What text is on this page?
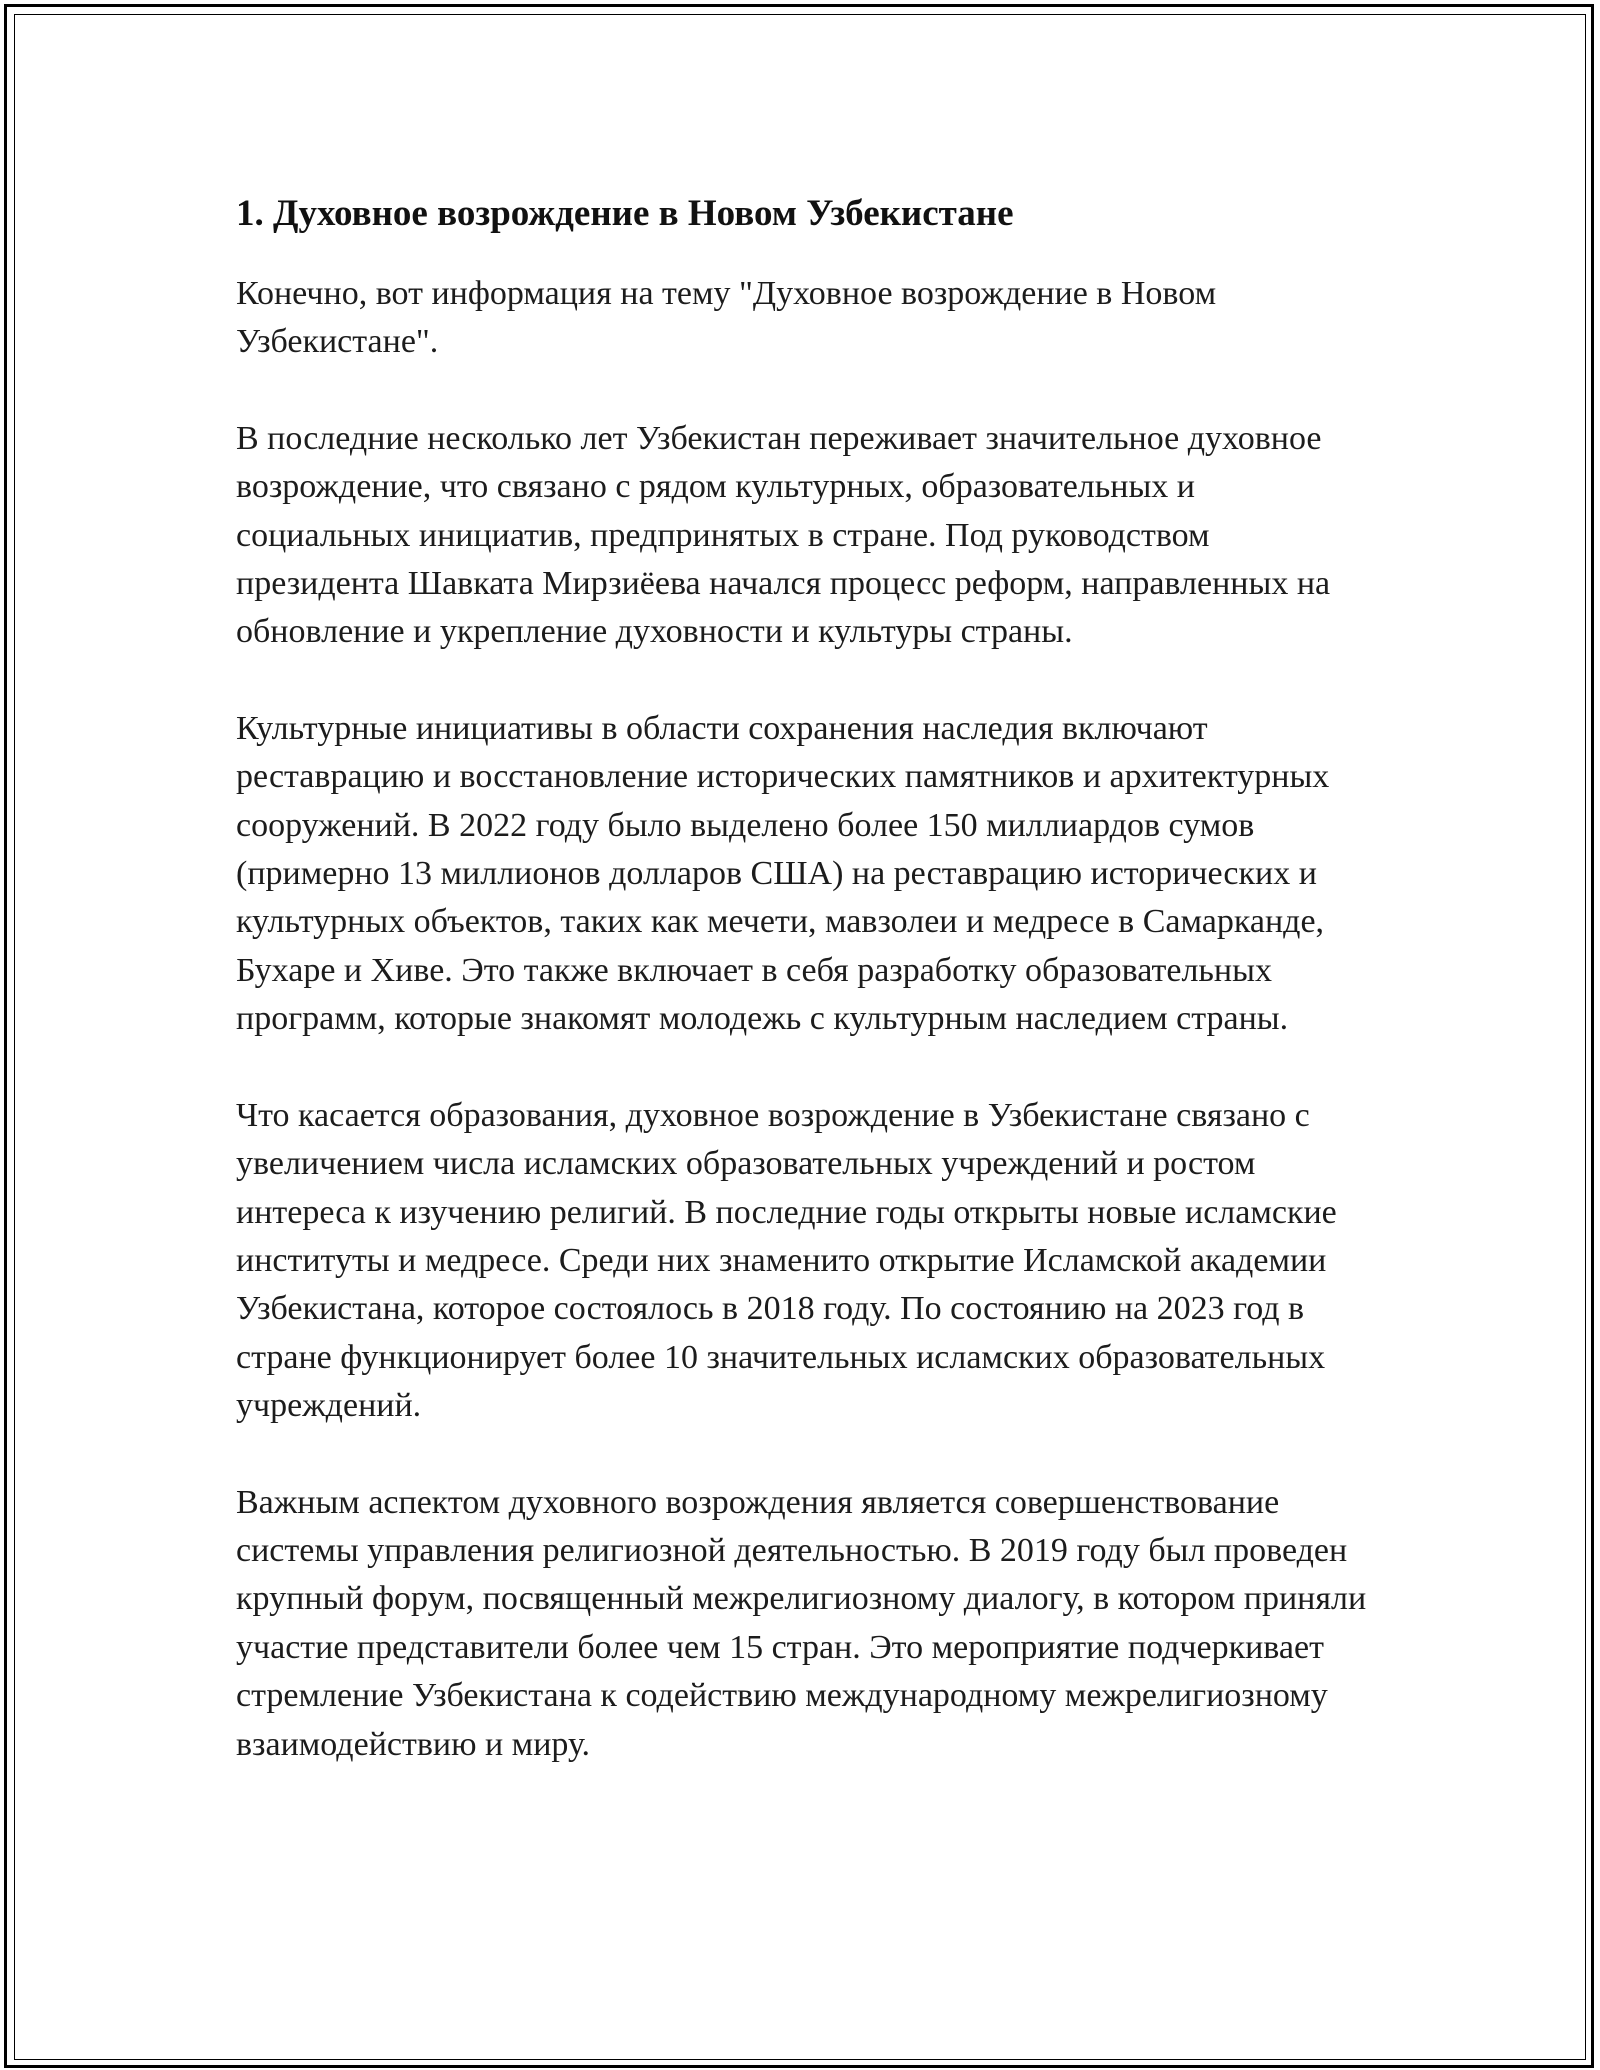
1. Духовное возрождение в Новом Узбекистане

Конечно, вот информация на тему "Духовное возрождение в Новом Узбекистане".

В последние несколько лет Узбекистан переживает значительное духовное возрождение, что связано с рядом культурных, образовательных и социальных инициатив, предпринятых в стране. Под руководством президента Шавката Мирзиёева начался процесс реформ, направленных на обновление и укрепление духовности и культуры страны.

Культурные инициативы в области сохранения наследия включают реставрацию и восстановление исторических памятников и архитектурных сооружений. В 2022 году было выделено более 150 миллиардов сумов (примерно 13 миллионов долларов США) на реставрацию исторических и культурных объектов, таких как мечети, мавзолеи и медресе в Самарканде, Бухаре и Хиве. Это также включает в себя разработку образовательных программ, которые знакомят молодежь с культурным наследием страны.

Что касается образования, духовное возрождение в Узбекистане связано с увеличением числа исламских образовательных учреждений и ростом интереса к изучению религий. В последние годы открыты новые исламские институты и медресе. Среди них знаменито открытие Исламской академии Узбекистана, которое состоялось в 2018 году. По состоянию на 2023 год в стране функционирует более 10 значительных исламских образовательных учреждений.

Важным аспектом духовного возрождения является совершенствование системы управления религиозной деятельностью. В 2019 году был проведен крупный форум, посвященный межрелигиозному диалогу, в котором приняли участие представители более чем 15 стран. Это мероприятие подчеркивает стремление Узбекистана к содействию международному межрелигиозному взаимодействию и миру.
